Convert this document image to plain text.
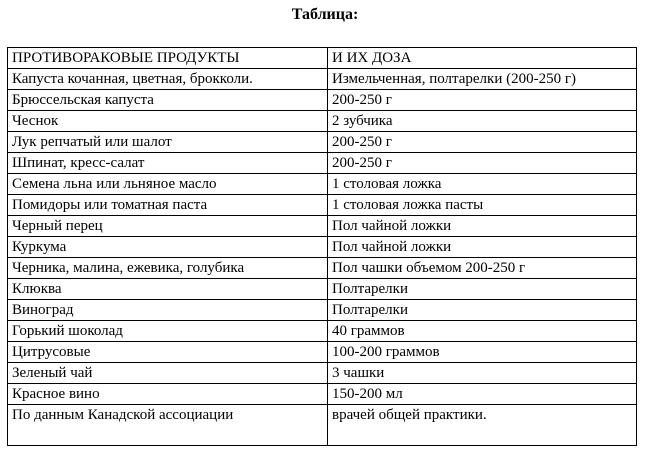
Таблица:
ПРОТИВОРАКОВЫЕ ПРОДУКТЫ	И ИХ ДОЗА
Капуста кочанная, цветная, брокколи.	Измельченная, полтарелки (200-250 г)
Брюссельская капуста	200-250 г
Чеснок	2 зубчика
Лук репчатый или шалот	200-250 г
Шпинат, кресс-салат	200-250 г
Семена льна или льняное масло	1 столовая ложка
Помидоры или томатная паста	1 столовая ложка пасты
Черный перец	Пол чайной ложки
Куркума	Пол чайной ложки
Черника, малина, ежевика, голубика	Пол чашки объемом 200-250 г
Клюква	Полтарелки
Виноград	Полтарелки
Горький шоколад	40 граммов
Цитрусовые	100-200 граммов
Зеленый чай	3 чашки
Красное вино	150-200 мл
По данным Канадской ассоциации	врачей общей практики.
